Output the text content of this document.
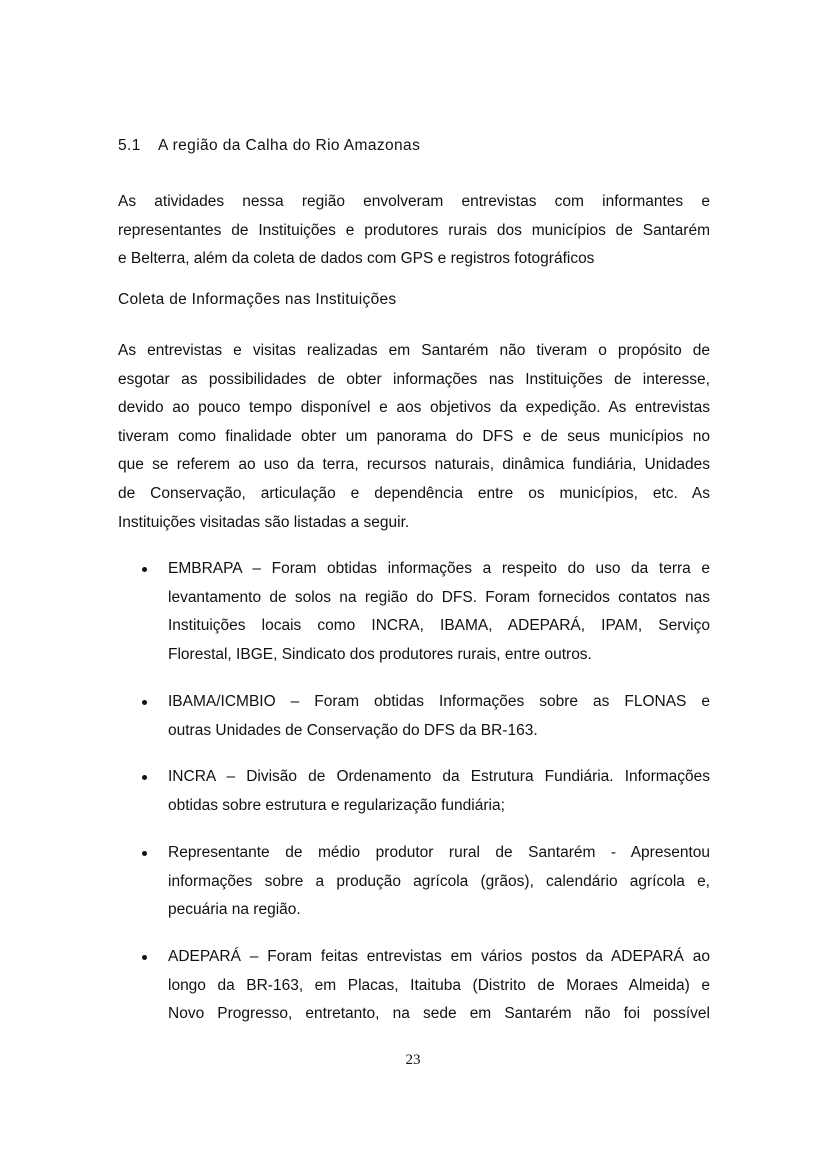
5.1 A região da Calha do Rio Amazonas
As atividades nessa região envolveram entrevistas com informantes e
representantes de Instituições e produtores rurais dos municípios de Santarém
e Belterra, além da coleta de dados com GPS e registros fotográficos
Coleta de Informações nas Instituições
As entrevistas e visitas realizadas em Santarém não tiveram o propósito de
esgotar as possibilidades de obter informações nas Instituições de interesse,
devido ao pouco tempo disponível e aos objetivos da expedição. As entrevistas
tiveram como finalidade obter um panorama do DFS e de seus municípios no
que se referem ao uso da terra, recursos naturais, dinâmica fundiária, Unidades
de Conservação, articulação e dependência entre os municípios, etc. As
Instituições visitadas são listadas a seguir.
EMBRAPA – Foram obtidas informações a respeito do uso da terra e
levantamento de solos na região do DFS. Foram fornecidos contatos nas
Instituições locais como INCRA, IBAMA, ADEPARÁ, IPAM, Serviço
Florestal, IBGE, Sindicato dos produtores rurais, entre outros.
IBAMA/ICMBIO – Foram obtidas Informações sobre as FLONAS e
outras Unidades de Conservação do DFS da BR-163.
INCRA – Divisão de Ordenamento da Estrutura Fundiária. Informações
obtidas sobre estrutura e regularização fundiária;
Representante de médio produtor rural de Santarém - Apresentou
informações sobre a produção agrícola (grãos), calendário agrícola e,
pecuária na região.
ADEPARÁ – Foram feitas entrevistas em vários postos da ADEPARÁ ao
longo da BR-163, em Placas, Itaituba (Distrito de Moraes Almeida) e
Novo Progresso, entretanto, na sede em Santarém não foi possível
23
